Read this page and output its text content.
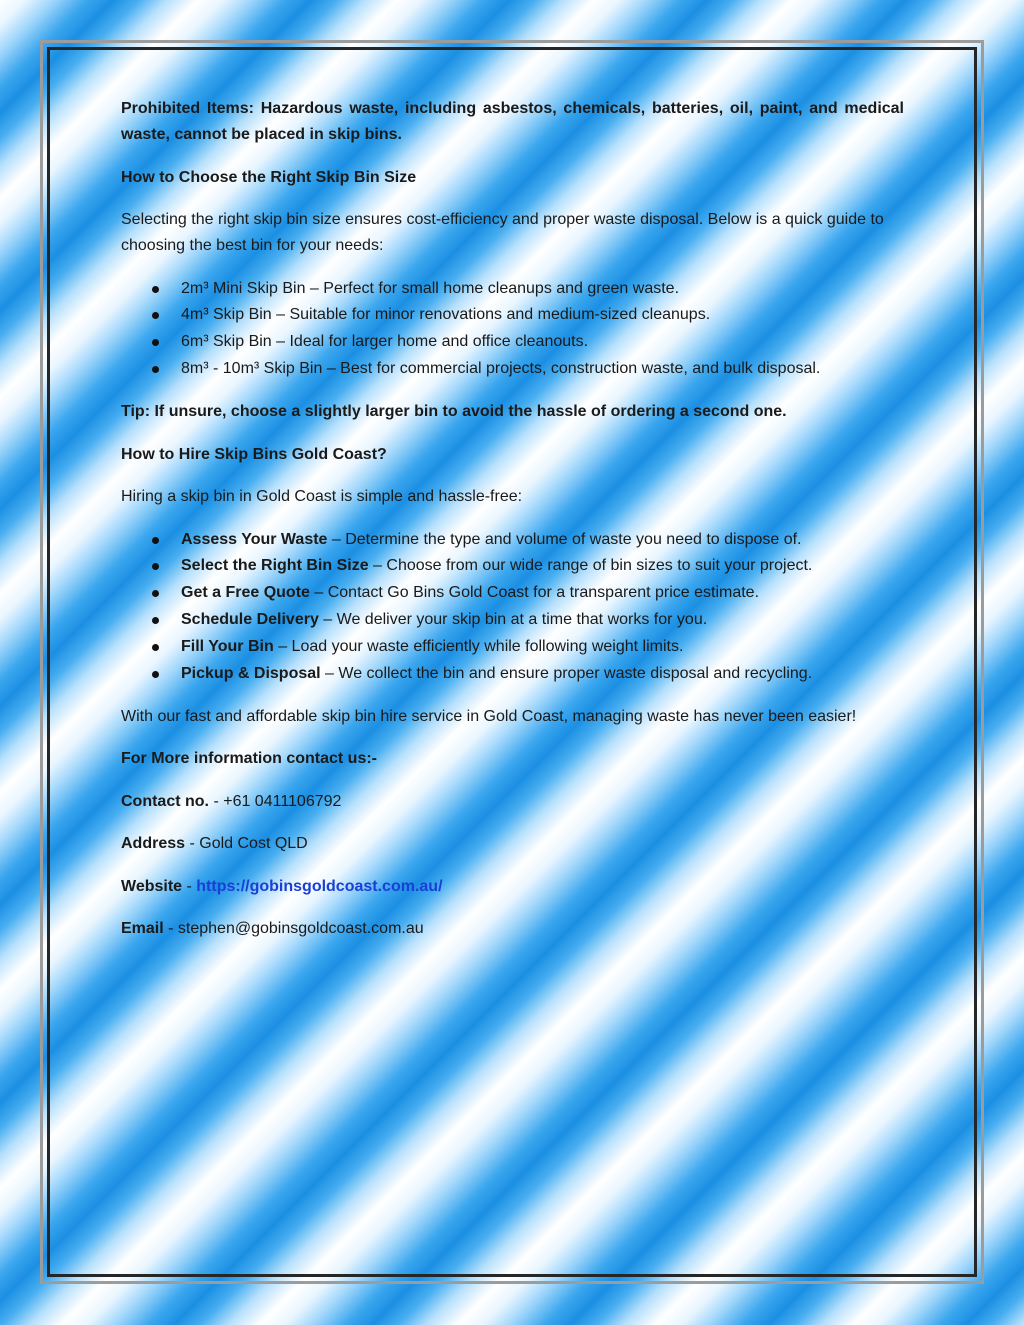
Prohibited Items: Hazardous waste, including asbestos, chemicals, batteries, oil, paint, and medical waste, cannot be placed in skip bins.

How to Choose the Right Skip Bin Size

Selecting the right skip bin size ensures cost-efficiency and proper waste disposal. Below is a quick guide to choosing the best bin for your needs:

2m³ Mini Skip Bin – Perfect for small home cleanups and green waste.
4m³ Skip Bin – Suitable for minor renovations and medium-sized cleanups.
6m³ Skip Bin – Ideal for larger home and office cleanouts.
8m³ - 10m³ Skip Bin – Best for commercial projects, construction waste, and bulk disposal.

Tip: If unsure, choose a slightly larger bin to avoid the hassle of ordering a second one.

How to Hire Skip Bins Gold Coast?

Hiring a skip bin in Gold Coast is simple and hassle-free:

Assess Your Waste – Determine the type and volume of waste you need to dispose of.
Select the Right Bin Size – Choose from our wide range of bin sizes to suit your project.
Get a Free Quote – Contact Go Bins Gold Coast for a transparent price estimate.
Schedule Delivery – We deliver your skip bin at a time that works for you.
Fill Your Bin – Load your waste efficiently while following weight limits.
Pickup & Disposal – We collect the bin and ensure proper waste disposal and recycling.

With our fast and affordable skip bin hire service in Gold Coast, managing waste has never been easier!

For More information contact us:-

Contact no. - +61 0411106792

Address - Gold Cost QLD

Website - https://gobinsgoldcoast.com.au/

Email - stephen@gobinsgoldcoast.com.au
